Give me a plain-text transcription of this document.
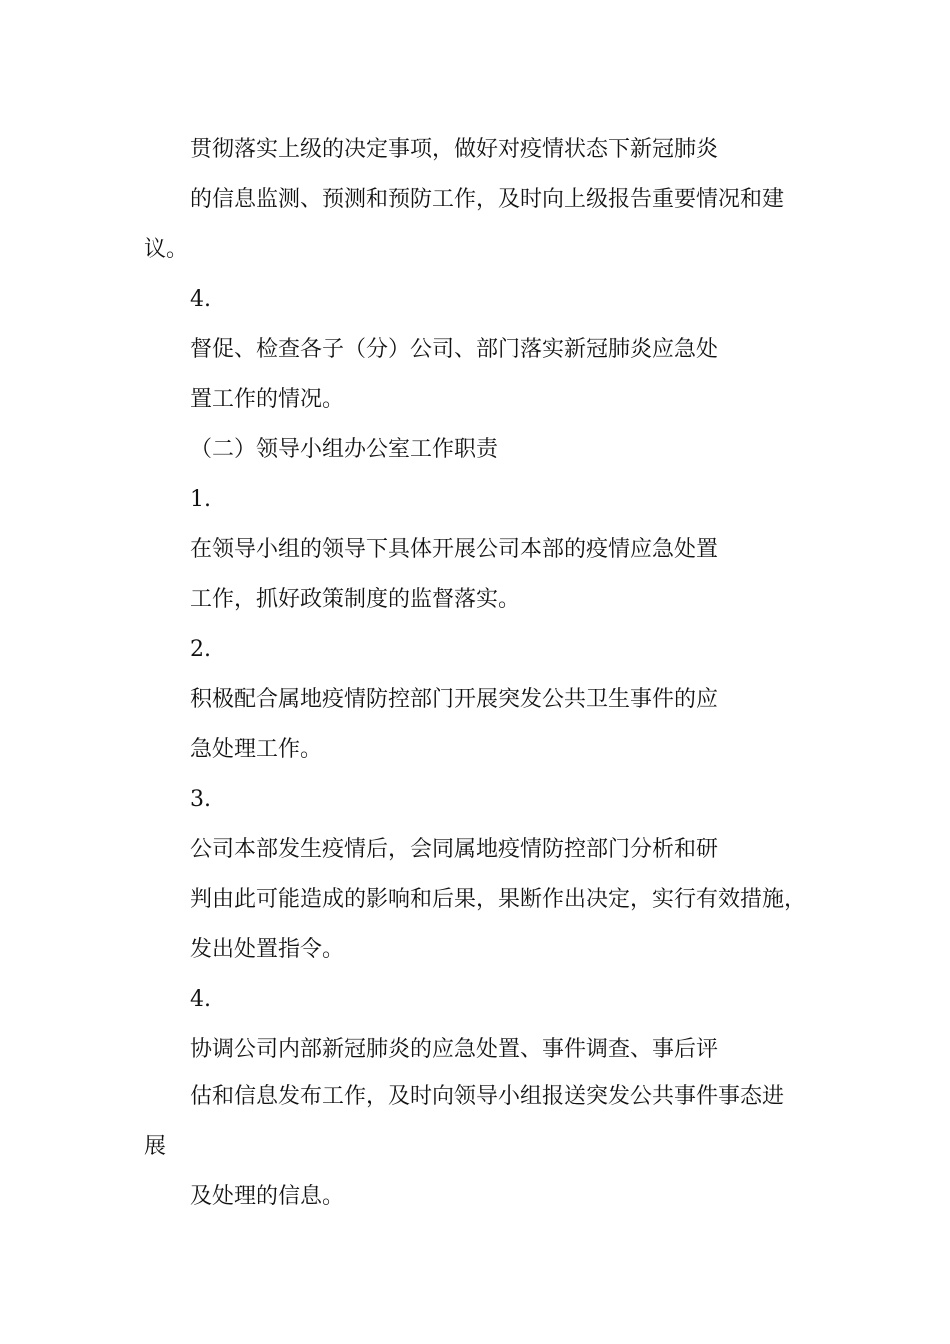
贯彻落实上级的决定事项，做好对疫情状态下新冠肺炎

的信息监测、预测和预防工作，及时向上级报告重要情况和建

议。

4.

督促、检查各子（分）公司、部门落实新冠肺炎应急处

置工作的情况。

（二）领导小组办公室工作职责

1.

在领导小组的领导下具体开展公司本部的疫情应急处置

工作，抓好政策制度的监督落实。

2.

积极配合属地疫情防控部门开展突发公共卫生事件的应

急处理工作。

3.

公司本部发生疫情后，会同属地疫情防控部门分析和研

判由此可能造成的影响和后果，果断作出决定，实行有效措施，

发出处置指令。

4.

协调公司内部新冠肺炎的应急处置、事件调查、事后评

估和信息发布工作，及时向领导小组报送突发公共事件事态进

展

及处理的信息。
